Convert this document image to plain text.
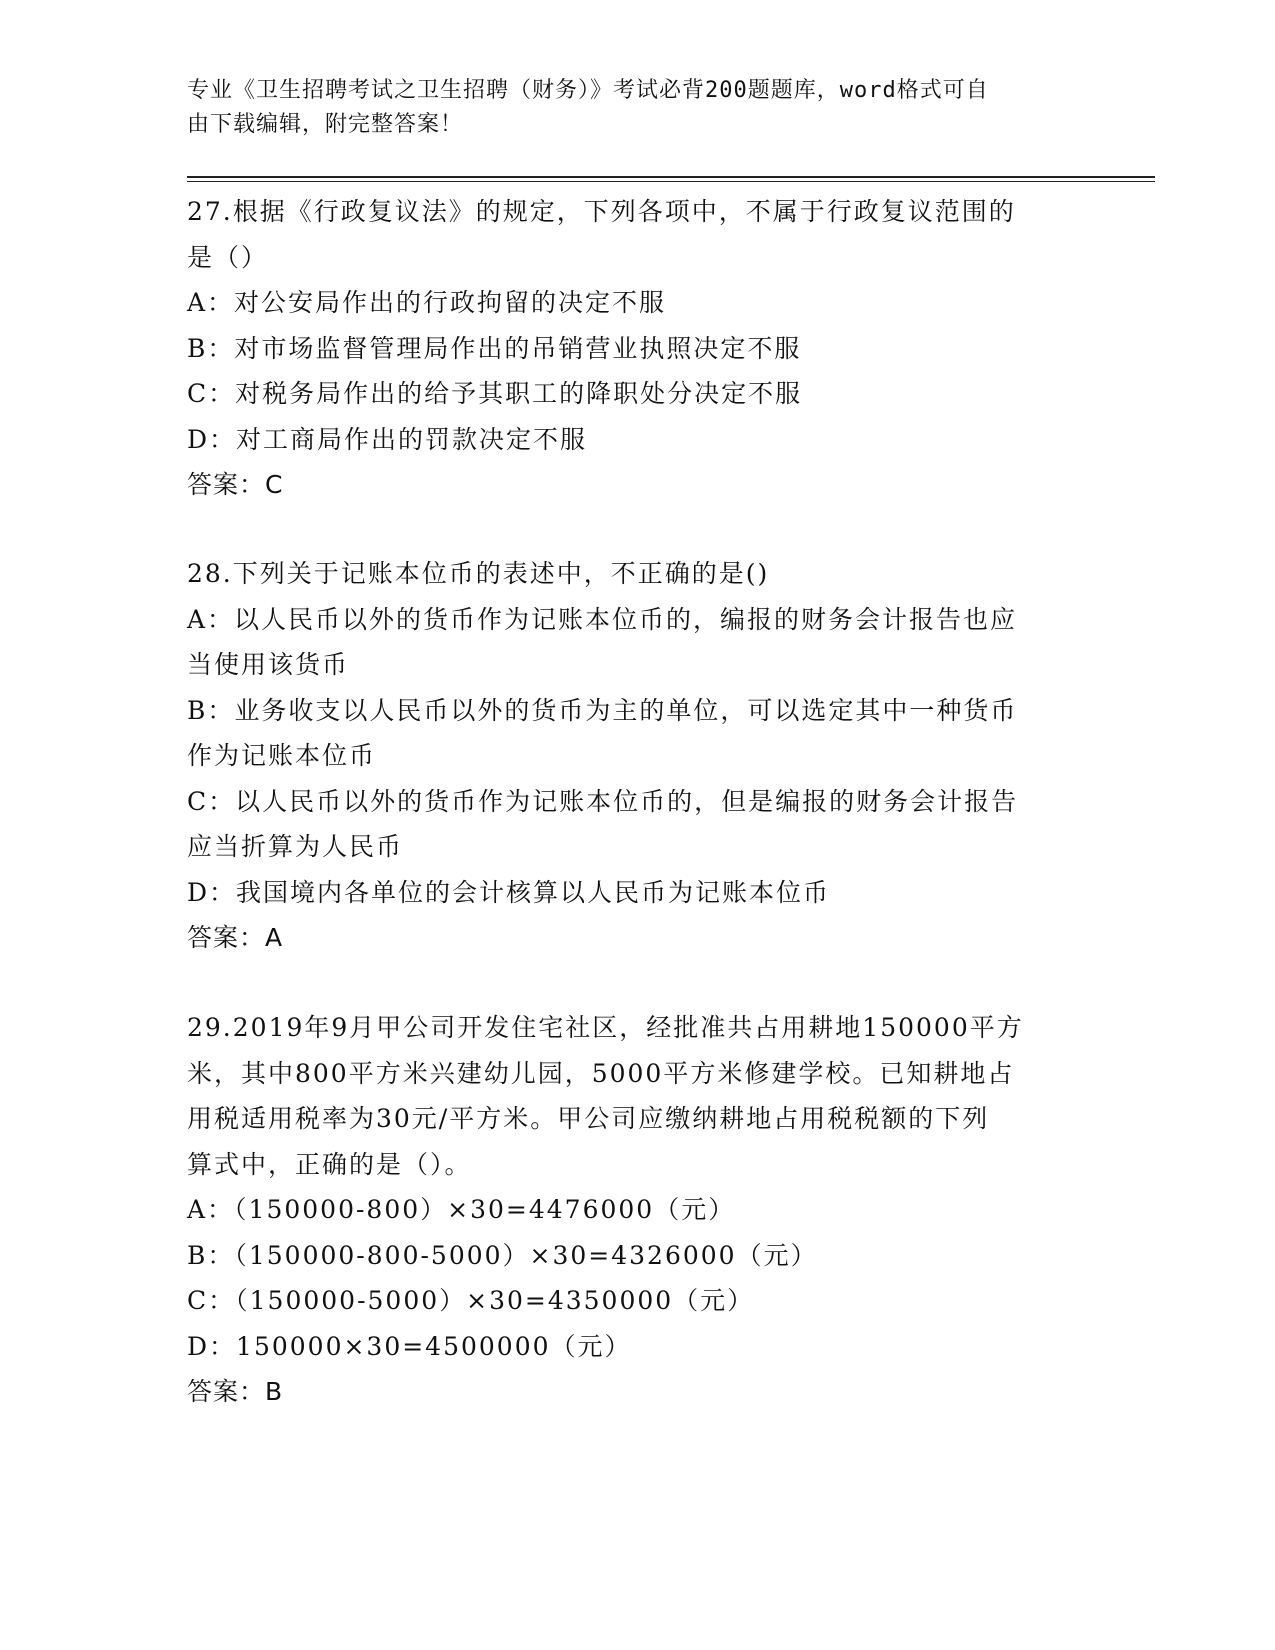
专业《卫生招聘考试之卫生招聘（财务）》考试必背200题题库，word格式可自
由下载编辑，附完整答案！
27.根据《行政复议法》的规定，下列各项中，不属于行政复议范围的
是（）
A：对公安局作出的行政拘留的决定不服
B：对市场监督管理局作出的吊销营业执照决定不服
C：对税务局作出的给予其职工的降职处分决定不服
D：对工商局作出的罚款决定不服
答案：C
28.下列关于记账本位币的表述中，不正确的是()
A：以人民币以外的货币作为记账本位币的，编报的财务会计报告也应
当使用该货币
B：业务收支以人民币以外的货币为主的单位，可以选定其中一种货币
作为记账本位币
C：以人民币以外的货币作为记账本位币的，但是编报的财务会计报告
应当折算为人民币
D：我国境内各单位的会计核算以人民币为记账本位币
答案：A
29.2019年9月甲公司开发住宅社区，经批准共占用耕地150000平方
米，其中800平方米兴建幼儿园，5000平方米修建学校。已知耕地占
用税适用税率为30元/平方米。甲公司应缴纳耕地占用税税额的下列
算式中，正确的是（）。
A：（150000-800）×30=4476000（元）
B：（150000-800-5000）×30=4326000（元）
C：（150000-5000）×30=4350000（元）
D：150000×30=4500000（元）
答案：B
